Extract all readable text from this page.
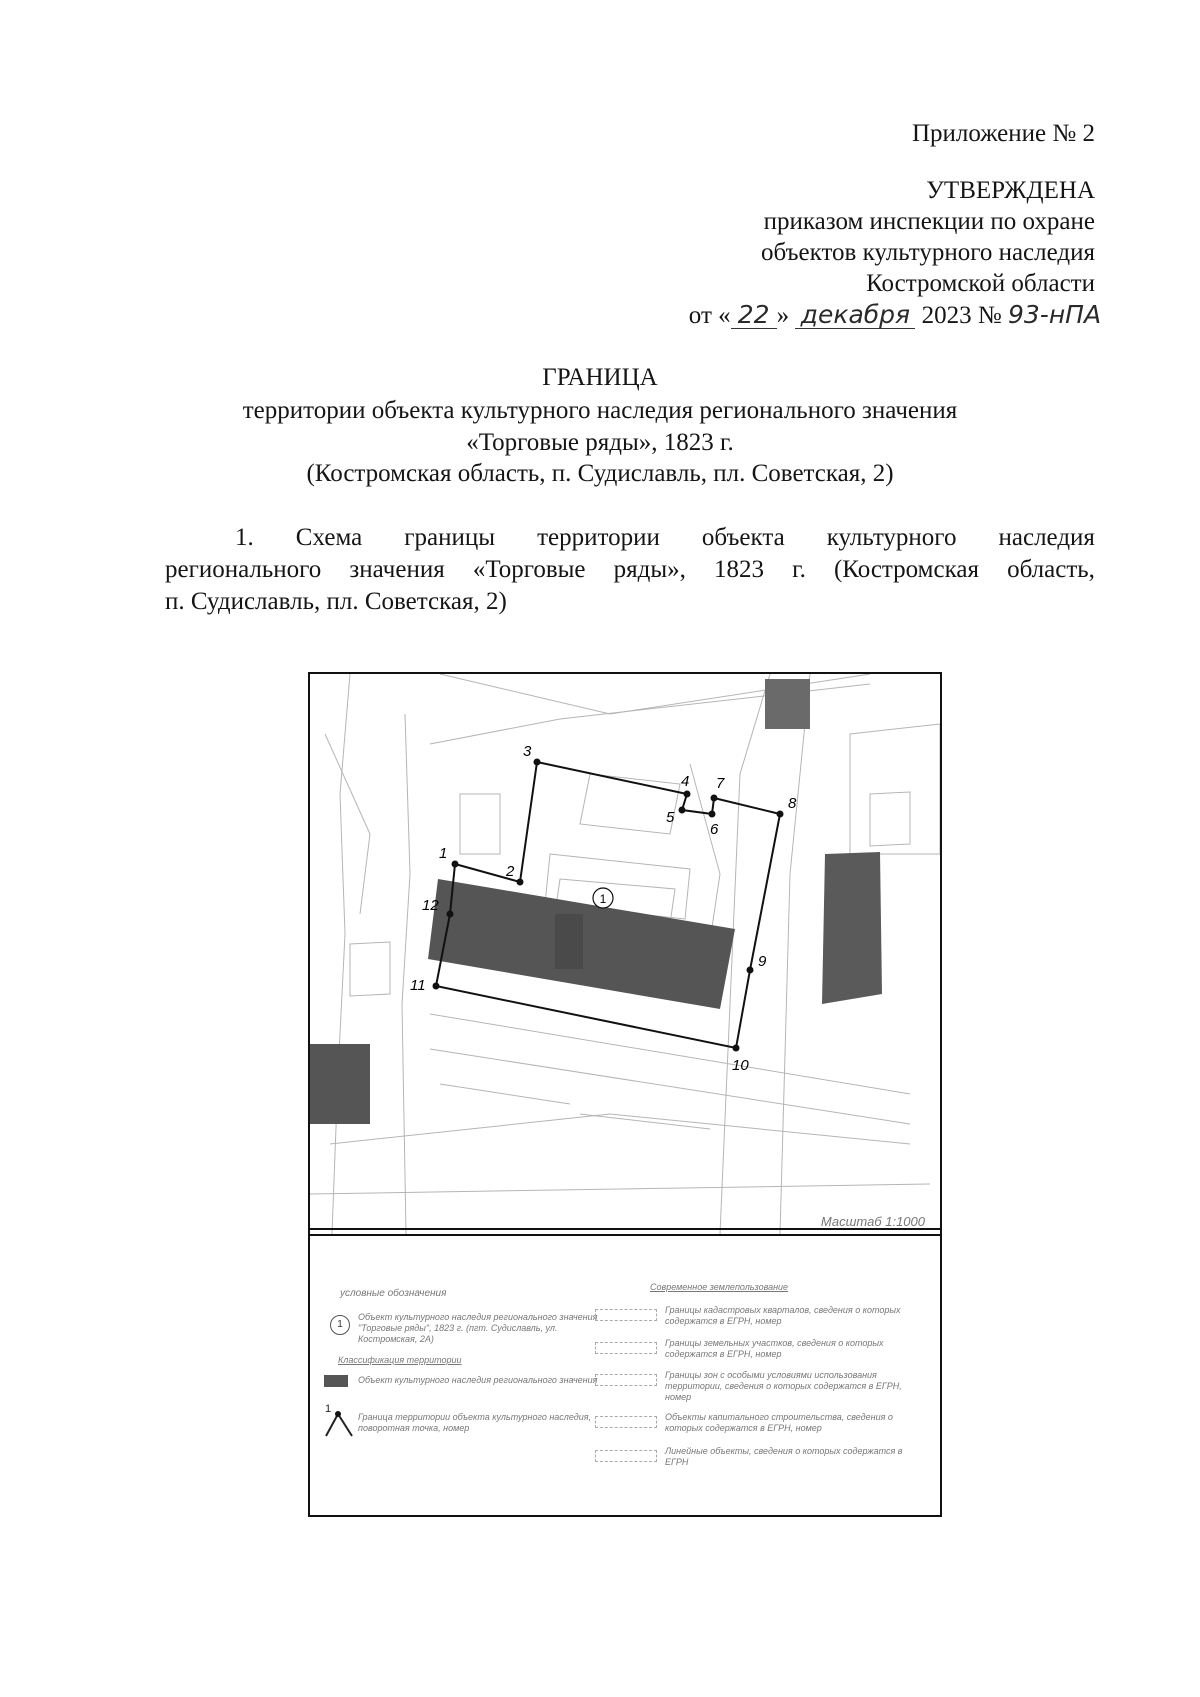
Приложение № 2
УТВЕРЖДЕНА
приказом инспекции по охране
объектов культурного наследия
Костромской области
от « 22 » декабря 2023 № 93-нПА
ГРАНИЦА
территории объекта культурного наследия регионального значения
«Торговые ряды», 1823 г.
(Костромская область, п. Судиславль, пл. Советская, 2)
1. Схема границы территории объекта культурного наследия
регионального значения «Торговые ряды», 1823 г. (Костромская область,
п. Судиславль, пл. Советская, 2)
1
2
3
4
5
6
7
8
9
10
11
12	1
Масштаб 1:1000
условные обозначения
1
Объект культурного наследия регионального значения "Торговые ряды", 1823 г. (пгт. Судиславль, ул. Костромская, 2А)
Классификация территории
Объект культурного наследия регионального значения
1
Граница территории объекта культурного наследия, поворотная точка, номер
Современное землепользование
Границы кадастровых кварталов, сведения о которых содержатся в ЕГРН, номер
Границы земельных участков, сведения о которых содержатся в ЕГРН, номер
Границы зон с особыми условиями использования территории, сведения о которых содержатся в ЕГРН, номер
Объекты капитального строительства, сведения о которых содержатся в ЕГРН, номер
Линейные объекты, сведения о которых содержатся в ЕГРН
